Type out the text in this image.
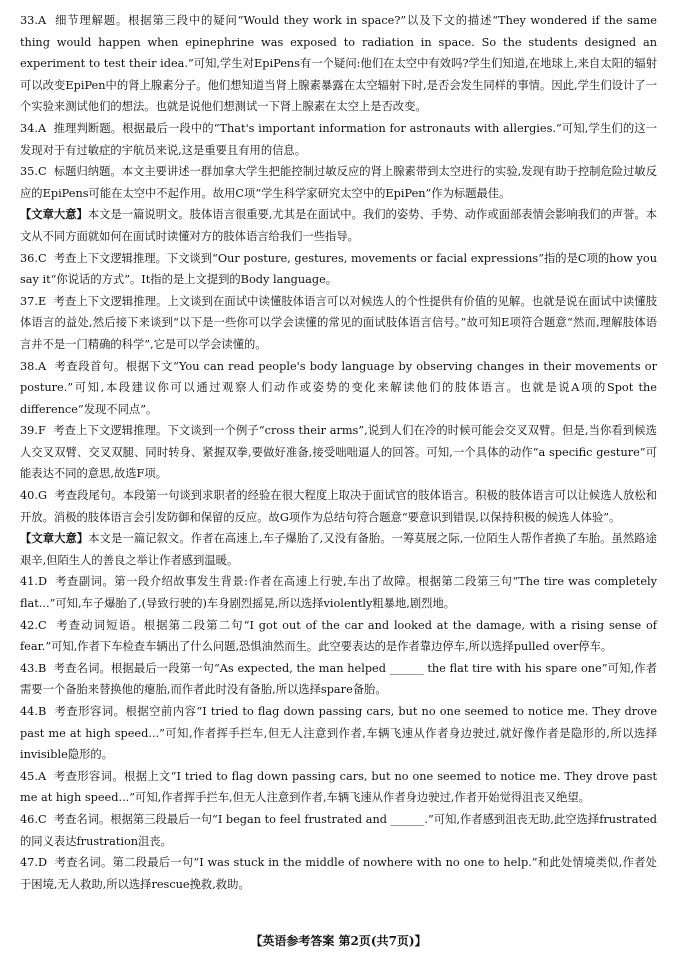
33.A 细节理解题。根据第三段中的疑问“Would they work in space?”以及下文的描述“They wondered if the same thing would happen when epinephrine was exposed to radiation in space. So the students designed an experiment to test their idea.”可知,学生对EpiPens有一个疑问:他们在太空中有效吗?学生们知道,在地球上,来自太阳的辐射可以改变EpiPen中的肾上腺素分子。他们想知道当肾上腺素暴露在太空辐射下时,是否会发生同样的事情。因此,学生们设计了一个实验来测试他们的想法。也就是说他们想测试一下肾上腺素在太空上是否改变。

34.A 推理判断题。根据最后一段中的“That's important information for astronauts with allergies.”可知,学生们的这一发现对于有过敏症的宇航员来说,这是重要且有用的信息。

35.C 标题归纳题。本文主要讲述一群加拿大学生把能控制过敏反应的肾上腺素带到太空进行的实验,发现有助于控制危险过敏反应的EpiPens可能在太空中不起作用。故用C项“学生科学家研究太空中的EpiPen”作为标题最佳。

【文章大意】本文是一篇说明文。肢体语言很重要,尤其是在面试中。我们的姿势、手势、动作或面部表情会影响我们的声誉。本文从不同方面就如何在面试时读懂对方的肢体语言给我们一些指导。

36.C 考查上下文逻辑推理。下文谈到“Our posture, gestures, movements or facial expressions”指的是C项的how you say it“你说话的方式”。It指的是上文提到的Body language。

37.E 考查上下文逻辑推理。上文谈到在面试中读懂肢体语言可以对候选人的个性提供有价值的见解。也就是说在面试中读懂肢体语言的益处,然后接下来谈到“以下是一些你可以学会读懂的常见的面试肢体语言信号。”故可知E项符合题意“然而,理解肢体语言并不是一门精确的科学”,它是可以学会读懂的。

38.A 考查段首句。根据下文“You can read people's body language by observing changes in their movements or posture.”可知,本段建议你可以通过观察人们动作或姿势的变化来解读他们的肢体语言。也就是说A项的Spot the difference“发现不同点”。

39.F 考查上下文逻辑推理。下文谈到一个例子“cross their arms”,说到人们在冷的时候可能会交叉双臂。但是,当你看到候选人交叉双臂、交叉双腿、同时转身、紧握双拳,要做好准备,接受咄咄逼人的回答。可知,一个具体的动作“a specific gesture”可能表达不同的意思,故选F项。

40.G 考查段尾句。本段第一句谈到求职者的经验在很大程度上取决于面试官的肢体语言。积极的肢体语言可以让候选人放松和开放。消极的肢体语言会引发防御和保留的反应。故G项作为总结句符合题意“要意识到错误,以保持积极的候选人体验”。

【文章大意】本文是一篇记叙文。作者在高速上,车子爆胎了,又没有备胎。一筹莫展之际,一位陌生人帮作者换了车胎。虽然路途艰辛,但陌生人的善良之举让作者感到温暖。

41.D 考查副词。第一段介绍故事发生背景:作者在高速上行驶,车出了故障。根据第二段第三句“The tire was completely flat...”可知,车子爆胎了,(导致行驶的)车身剧烈摇晃,所以选择violently粗暴地,剧烈地。

42.C 考查动词短语。根据第二段第二句“I got out of the car and looked at the damage, with a rising sense of fear.”可知,作者下车检查车辆出了什么问题,恐惧油然而生。此空要表达的是作者靠边停车,所以选择pulled over停车。

43.B 考查名词。根据最后一段第一句“As expected, the man helped ______ the flat tire with his spare one”可知,作者需要一个备胎来替换他的瘪胎,而作者此时没有备胎,所以选择spare备胎。

44.B 考查形容词。根据空前内容“I tried to flag down passing cars, but no one seemed to notice me. They drove past me at high speed...”可知,作者挥手拦车,但无人注意到作者,车辆飞速从作者身边驶过,就好像作者是隐形的,所以选择invisible隐形的。

45.A 考查形容词。根据上文“I tried to flag down passing cars, but no one seemed to notice me. They drove past me at high speed...”可知,作者挥手拦车,但无人注意到作者,车辆飞速从作者身边驶过,作者开始觉得沮丧又绝望。

46.C 考查名词。根据第三段最后一句“I began to feel frustrated and ______.”可知,作者感到沮丧无助,此空选择frustrated的同义表达frustration沮丧。

47.D 考查名词。第二段最后一句“I was stuck in the middle of nowhere with no one to help.”和此处情境类似,作者处于困境,无人救助,所以选择rescue挽救,救助。

【英语参考答案 第2页(共7页)】
